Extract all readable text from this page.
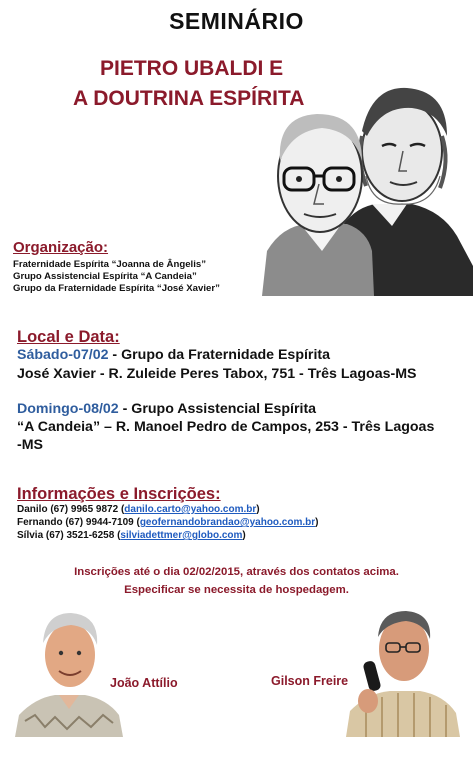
SEMINÁRIO
PIETRO UBALDI E
A DOUTRINA ESPÍRITA
Organização:
Fraternidade Espírita “Joanna de Ângelis”
Grupo Assistencial Espírita “A Candeia”
Grupo da Fraternidade Espírita “José Xavier”
Local e Data:
Sábado-07/02 - Grupo da Fraternidade Espírita
José Xavier - R. Zuleide Peres Tabox, 751 - Três Lagoas-MS
Domingo-08/02 - Grupo Assistencial Espírita
“A Candeia” – R. Manoel Pedro de Campos, 253 - Três Lagoas
-MS
Informações e Inscrições:
Danilo (67) 9965 9872 (danilo.carto@yahoo.com.br)
Fernando (67) 9944-7109 (geofernandobrandao@yahoo.com.br)
Sílvia (67) 3521-6258 (silviadettmer@globo.com)
Inscrições até o dia 02/02/2015, através dos contatos acima.
Especificar se necessita de hospedagem.
João Attílio	Gilson Freire
